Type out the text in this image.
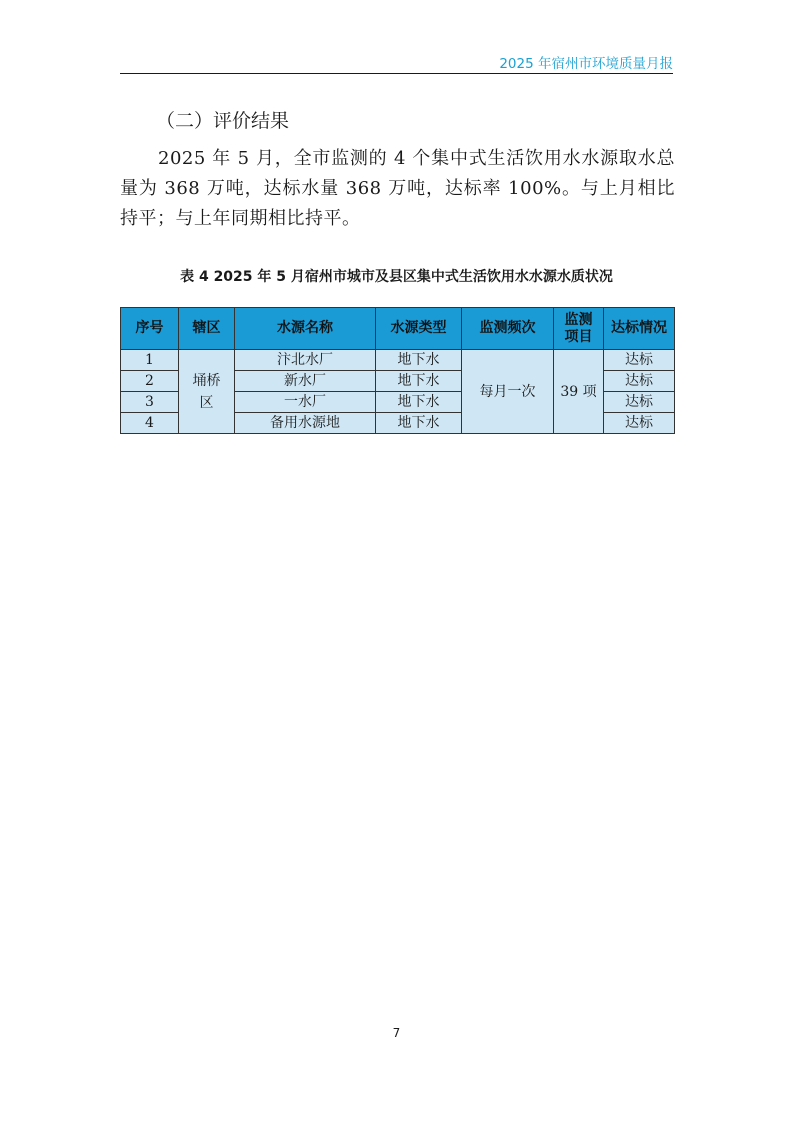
2025 年宿州市环境质量月报
（二）评价结果

2025 年 5 月，全市监测的 4 个集中式生活饮用水水源取水总量为 368 万吨，达标水量 368 万吨，达标率 100%。与上月相比持平；与上年同期相比持平。

表 4 2025 年 5 月宿州市城市及县区集中式生活饮用水水源水质状况
序号	辖区	水源名称	水源类型	监测频次	监测项目	达标情况
1	埇桥区	汴北水厂	地下水	每月一次	39 项	达标
2		新水厂	地下水			达标
3		一水厂	地下水			达标
4		备用水源地	地下水			达标
7
